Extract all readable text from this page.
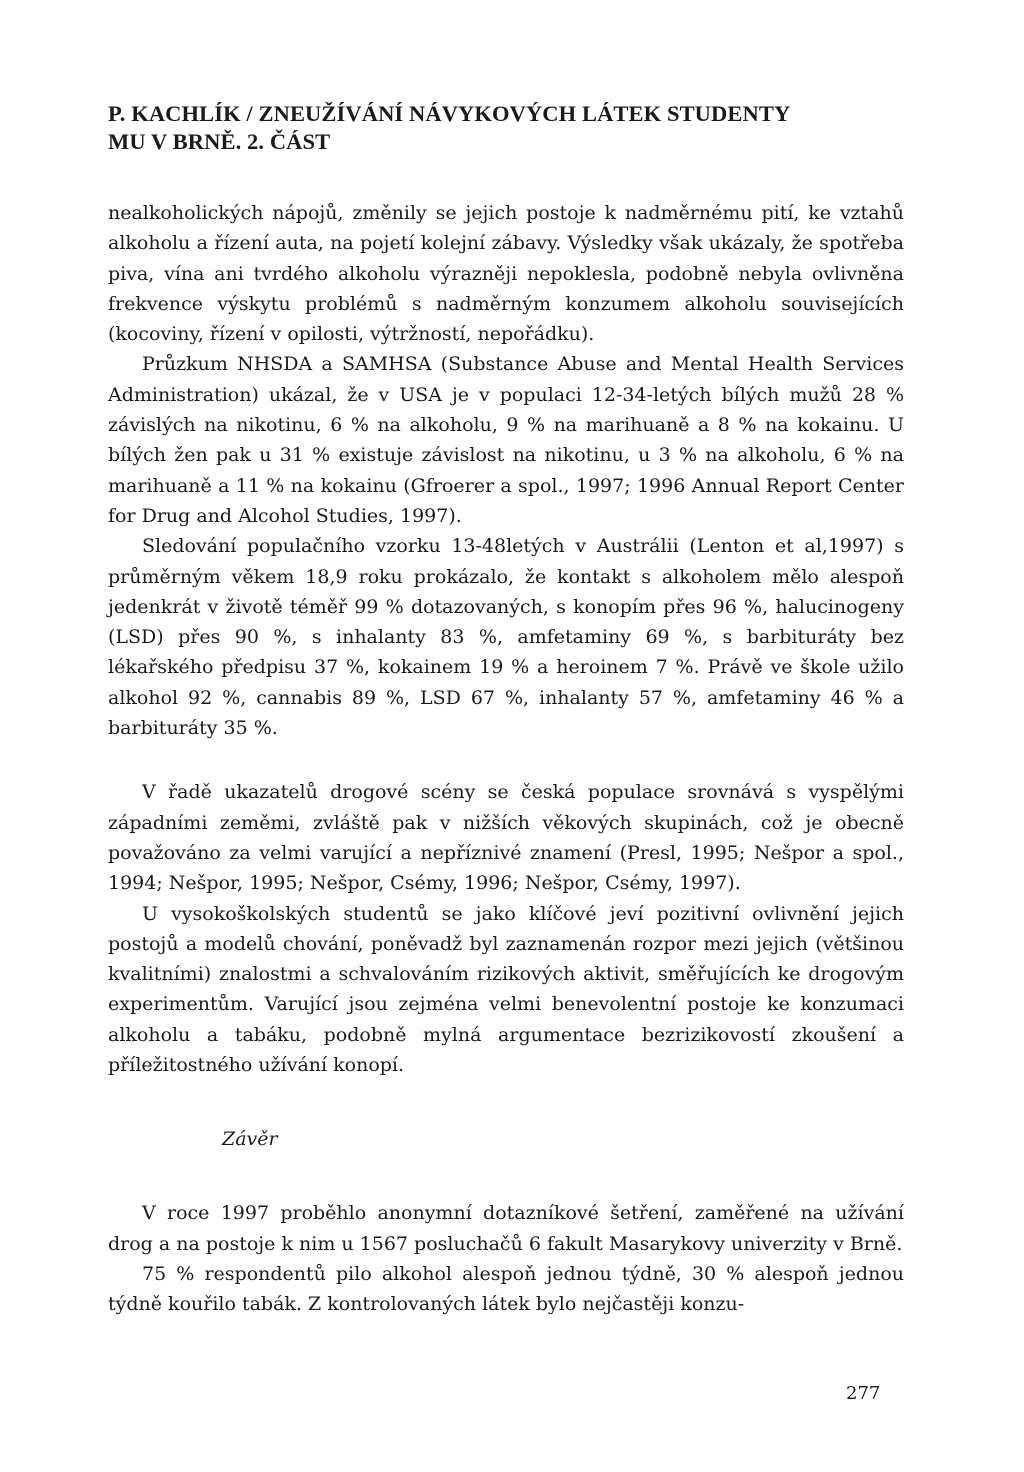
P. KACHLÍK / ZNEUŽÍVÁNÍ NÁVYKOVÝCH LÁTEK STUDENTY
MU V BRNĚ. 2. ČÁST

nealkoholických nápojů, změnily se jejich postoje k nadměrnému pití, ke vztahů alkoholu a řízení auta, na pojetí kolejní zábavy. Výsledky však ukázaly, že spotřeba piva, vína ani tvrdého alkoholu výrazněji nepoklesla, podobně nebyla ovlivněna frekvence výskytu problémů s nadměrným konzumem alkoholu souvisejících (kocoviny, řízení v opilosti, výtržností, nepořádku).

Průzkum NHSDA a SAMHSA (Substance Abuse and Mental Health Services Administration) ukázal, že v USA je v populaci 12-34-letých bílých mužů 28 % závislých na nikotinu, 6 % na alkoholu, 9 % na marihuaně a 8 % na kokainu. U bílých žen pak u 31 % existuje závislost na nikotinu, u 3 % na alkoholu, 6 % na marihuaně a 11 % na kokainu (Gfroerer a spol., 1997; 1996 Annual Report Center for Drug and Alcohol Studies, 1997).

Sledování populačního vzorku 13-48letých v Austrálii (Lenton et al,1997) s průměrným věkem 18,9 roku prokázalo, že kontakt s alkoholem mělo alespoň jedenkrát v životě téměř 99 % dotazovaných, s konopím přes 96 %, halucinogeny (LSD) přes 90 %, s inhalanty 83 %, amfetaminy 69 %, s barbituráty bez lékařského předpisu 37 %, kokainem 19 % a heroinem 7 %. Právě ve škole užilo alkohol 92 %, cannabis 89 %, LSD 67 %, inhalanty 57 %, amfetaminy 46 % a barbituráty 35 %.

V řadě ukazatelů drogové scény se česká populace srovnává s vyspělými západními zeměmi, zvláště pak v nižších věkových skupinách, což je obecně považováno za velmi varující a nepříznivé znamení (Presl, 1995; Nešpor a spol., 1994; Nešpor, 1995; Nešpor, Csémy, 1996; Nešpor, Csémy, 1997).

U vysokoškolských studentů se jako klíčové jeví pozitivní ovlivnění jejich postojů a modelů chování, poněvadž byl zaznamenán rozpor mezi jejich (většinou kvalitními) znalostmi a schvalováním rizikových aktivit, směřujících ke drogovým experimentům. Varující jsou zejména velmi benevolentní postoje ke konzumaci alkoholu a tabáku, podobně mylná argumentace bezrizikovostí zkoušení a příležitostného užívání konopí.

Závěr

V roce 1997 proběhlo anonymní dotazníkové šetření, zaměřené na užívání drog a na postoje k nim u 1567 posluchačů 6 fakult Masarykovy univerzity v Brně.

75 % respondentů pilo alkohol alespoň jednou týdně, 30 % alespoň jednou týdně kouřilo tabák. Z kontrolovaných látek bylo nejčastěji konzu-

277
